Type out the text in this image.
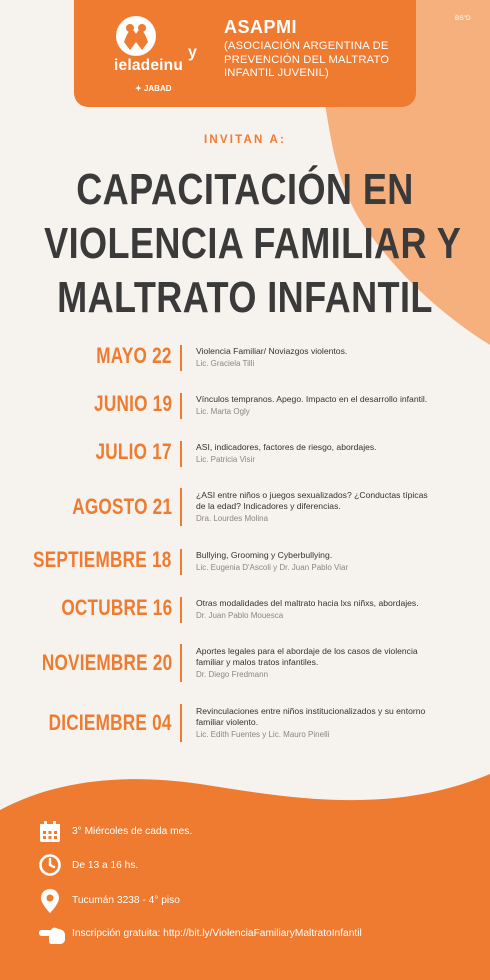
ieladeinu
✦ JABAD
y
ASAPMI
(ASOCIACIÓN ARGENTINA DE
PREVENCIÓN DEL MALTRATO
INFANTIL JUVENIL)
BS"D
INVITAN A:
CAPACITACIÓN EN
VIOLENCIA FAMILIAR Y
MALTRATO INFANTIL
MAYO 22	Violencia Familiar/ Noviazgos violentos.
Lic. Graciela Tilli
JUNIO 19	Vínculos tempranos. Apego. Impacto en el desarrollo infantil.
Lic. Marta Ogly
JULIO 17	ASI, indicadores, factores de riesgo, abordajes.
Lic. Patricia Visir
AGOSTO 21	¿ASI entre niños o juegos sexualizados? ¿Conductas típicas
de la edad? Indicadores y diferencias.
Dra. Lourdes Molina
SEPTIEMBRE 18	Bullying, Grooming y Cyberbullying.
Lic. Eugenia D'Ascoli y Dr. Juan Pablo Viar
OCTUBRE 16	Otras modalidades del maltrato hacia lxs niñxs, abordajes.
Dr. Juan Pablo Mouesca
NOVIEMBRE 20	Aportes legales para el abordaje de los casos de violencia
familiar y malos tratos infantiles.
Dr. Diego Fredmann
DICIEMBRE 04	Revinculaciones entre niños institucionalizados y su entorno
familiar violento.
Lic. Edith Fuentes y Lic. Mauro Pinelli
3° Miércoles de cada mes.
De 13 a 16 hs.
Tucumán 3238 - 4° piso
Inscripción gratuita: http://bit.ly/ViolenciaFamiliaryMaltratoInfantil
